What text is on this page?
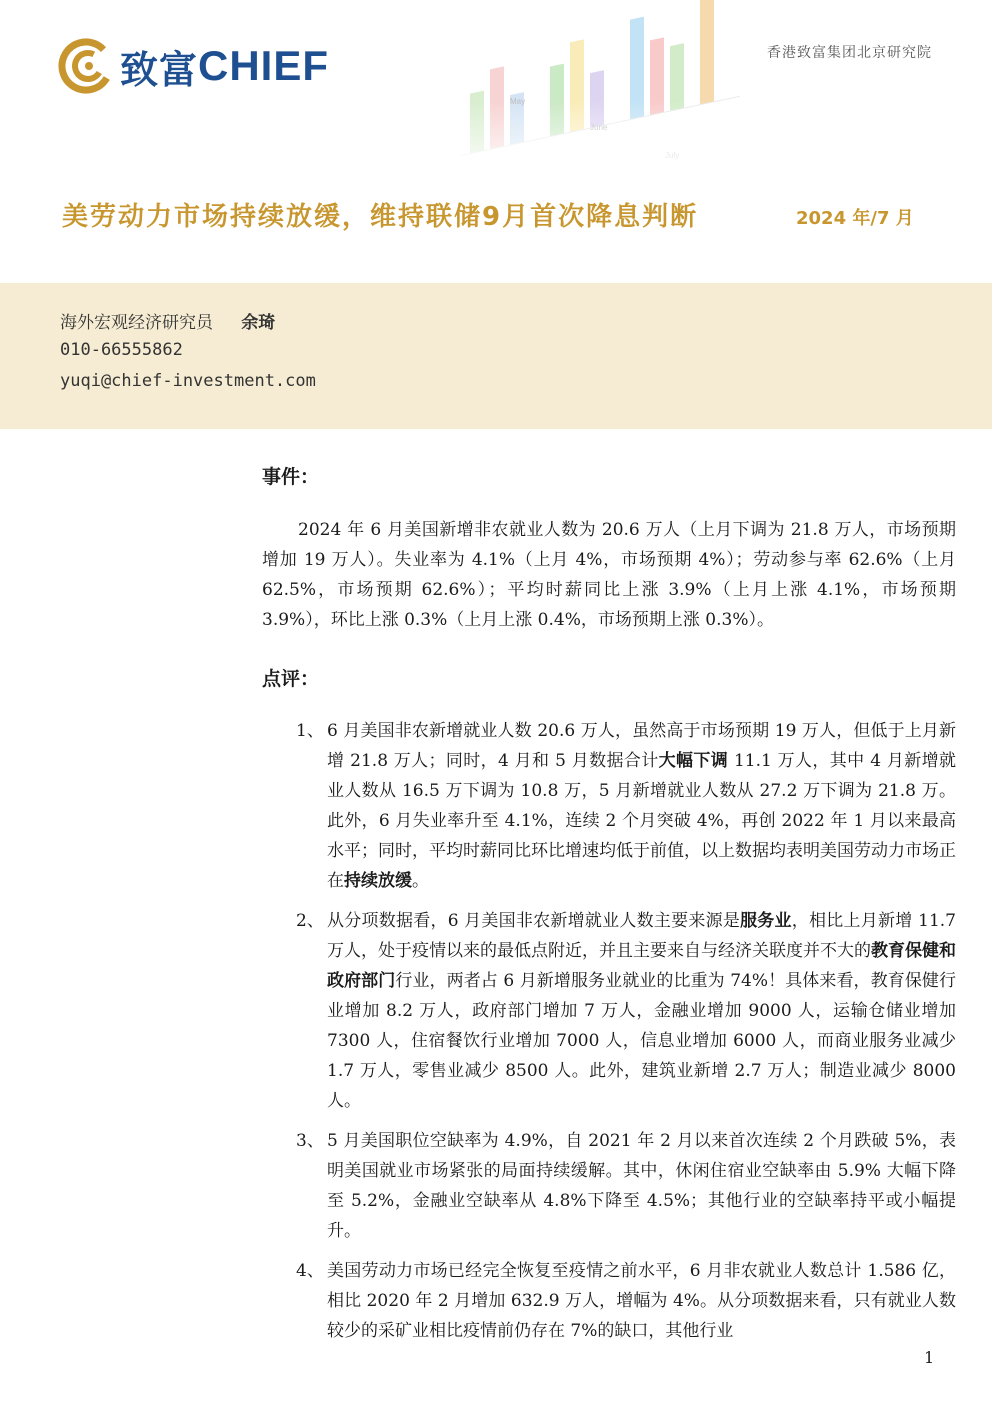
致富 CHIEF	香港致富集团北京研究院
美劳动力市场持续放缓，维持联储9月首次降息判断	2024 年/7 月
海外宏观经济研究员 余琦
010-66555862
yuqi@chief-investment.com
事件：
2024 年 6 月美国新增非农就业人数为 20.6 万人（上月下调为 21.8 万人，市场预期增加 19 万人）。失业率为 4.1%（上月 4%，市场预期 4%）；劳动参与率 62.6%（上月 62.5%，市场预期 62.6%）；平均时薪同比上涨 3.9%（上月上涨 4.1%，市场预期 3.9%），环比上涨 0.3%（上月上涨 0.4%，市场预期上涨 0.3%）。
点评：
1、 6 月美国非农新增就业人数 20.6 万人，虽然高于市场预期 19 万人，但低于上月新增 21.8 万人；同时，4 月和 5 月数据合计大幅下调 11.1 万人，其中 4 月新增就业人数从 16.5 万下调为 10.8 万，5 月新增就业人数从 27.2 万下调为 21.8 万。此外，6 月失业率升至 4.1%，连续 2 个月突破 4%，再创 2022 年 1 月以来最高水平；同时，平均时薪同比环比增速均低于前值，以上数据均表明美国劳动力市场正在持续放缓。
2、 从分项数据看，6 月美国非农新增就业人数主要来源是服务业，相比上月新增 11.7 万人，处于疫情以来的最低点附近，并且主要来自与经济关联度并不大的教育保健和政府部门行业，两者占 6 月新增服务业就业的比重为 74%！具体来看，教育保健行业增加 8.2 万人，政府部门增加 7 万人，金融业增加 9000 人，运输仓储业增加 7300 人，住宿餐饮行业增加 7000 人，信息业增加 6000 人，而商业服务业减少 1.7 万人，零售业减少 8500 人。此外，建筑业新增 2.7 万人；制造业减少 8000 人。
3、 5 月美国职位空缺率为 4.9%，自 2021 年 2 月以来首次连续 2 个月跌破 5%，表明美国就业市场紧张的局面持续缓解。其中，休闲住宿业空缺率由 5.9% 大幅下降至 5.2%，金融业空缺率从 4.8%下降至 4.5%；其他行业的空缺率持平或小幅提升。
4、 美国劳动力市场已经完全恢复至疫情之前水平，6 月非农就业人数总计 1.586 亿，相比 2020 年 2 月增加 632.9 万人，增幅为 4%。从分项数据来看，只有就业人数较少的采矿业相比疫情前仍存在 7%的缺口，其他行业
1
